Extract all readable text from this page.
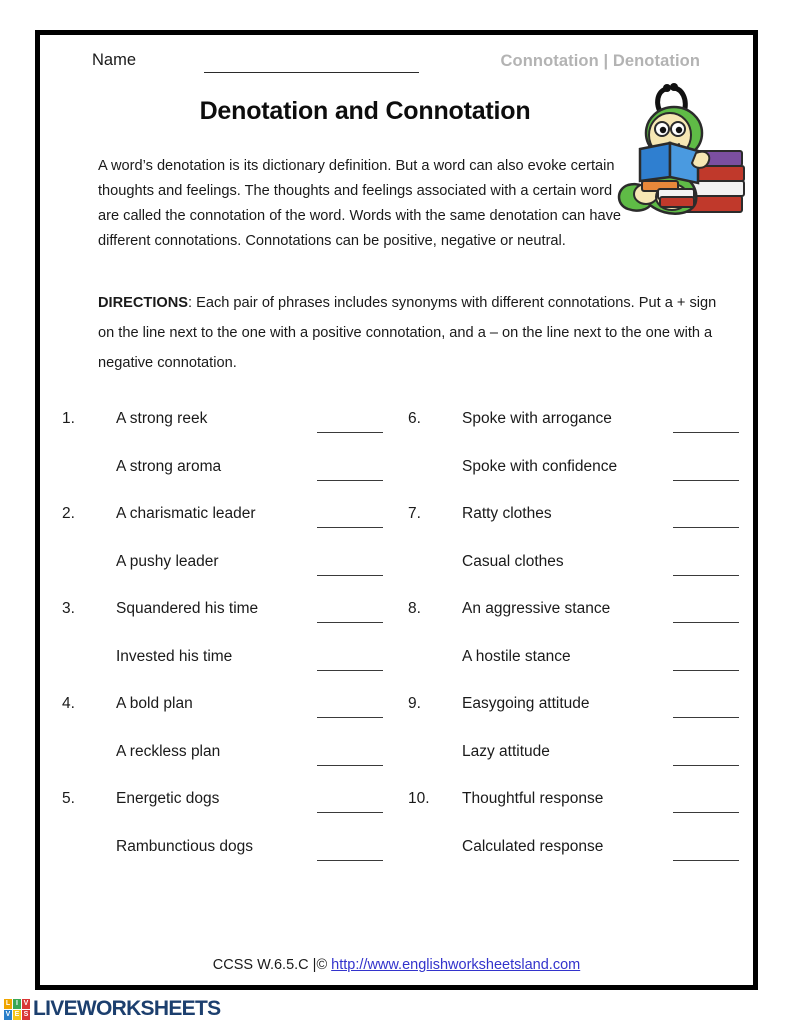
Name	Connotation | Denotation
Denotation and Connotation
A word’s denotation is its dictionary definition. But a word can also evoke certain thoughts and feelings. The thoughts and feelings associated with a certain word are called the connotation of the word. Words with the same denotation can have different connotations. Connotations can be positive, negative or neutral.
DIRECTIONS: Each pair of phrases includes synonyms with different connotations. Put a + sign on the line next to the one with a positive connotation, and a – on the line next to the one with a negative connotation.
1.	A strong reek
A strong aroma
2.	A charismatic leader
A pushy leader
3.	Squandered his time
Invested his time
4.	A bold plan
A reckless plan
5.	Energetic dogs
Rambunctious dogs
6.	Spoke with arrogance
Spoke with confidence
7.	Ratty clothes
Casual clothes
8.	An aggressive stance
A hostile stance
9.	Easygoing attitude
Lazy attitude
10.	Thoughtful response
Calculated response
CCSS W.6.5.C |© http://www.englishworksheetsland.com
L I V
V E S LIVEWORKSHEETS
